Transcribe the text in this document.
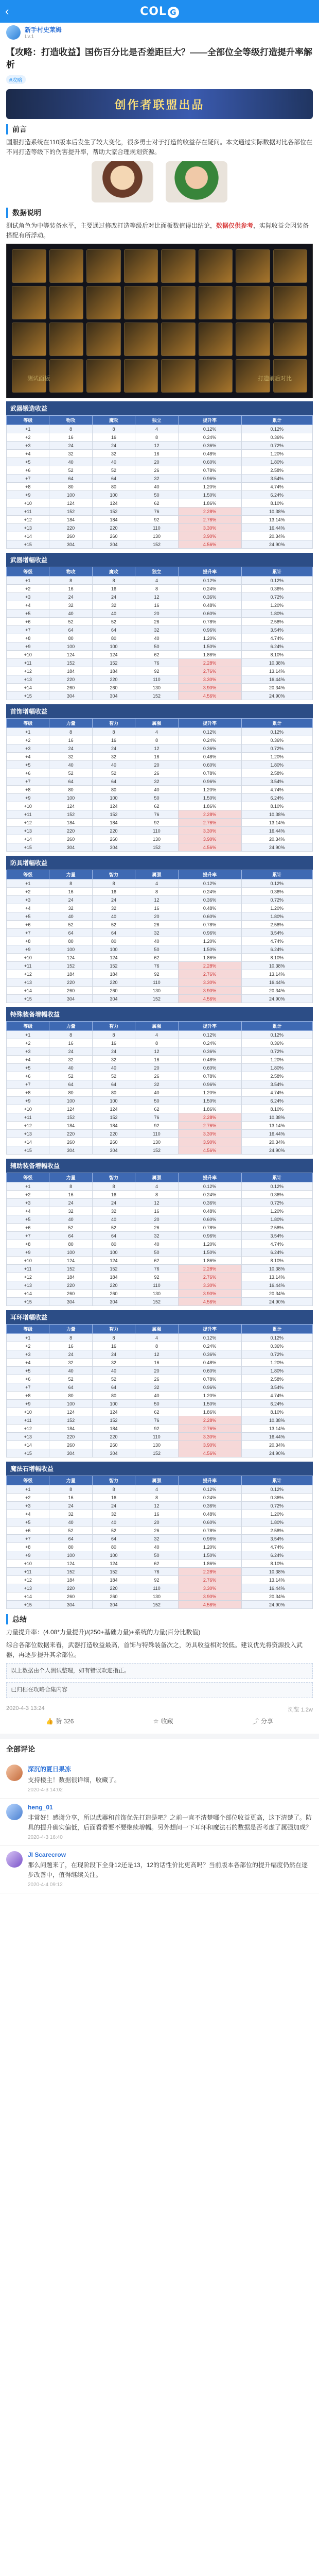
‹	COL G
新手村史莱姆
Lv.1
【攻略：打造收益】国伤百分比是否差距巨大？——全部位全等级打造提升率解析
#攻略
创作者联盟出品
前言
国服打造系统在110版本后发生了较大变化，很多勇士对于打造的收益存在疑问。本文通过实际数据对比各部位在不同打造等级下的伤害提升率，帮助大家合理规划资源。
数据说明
测试角色为中等装备水平，主要通过修改打造等级后对比面板数值得出结论，数据仅供参考，实际收益会因装备搭配有所浮动。
测试面板	打造前后对比
武器锻造收益
等级	物攻	魔攻	独立	提升率	累计
+1	8	8	4	0.12%	0.12%
+2	16	16	8	0.24%	0.36%
+3	24	24	12	0.36%	0.72%
+4	32	32	16	0.48%	1.20%
+5	40	40	20	0.60%	1.80%
+6	52	52	26	0.78%	2.58%
+7	64	64	32	0.96%	3.54%
+8	80	80	40	1.20%	4.74%
+9	100	100	50	1.50%	6.24%
+10	124	124	62	1.86%	8.10%
+11	152	152	76	2.28%	10.38%
+12	184	184	92	2.76%	13.14%
+13	220	220	110	3.30%	16.44%
+14	260	260	130	3.90%	20.34%
+15	304	304	152	4.56%	24.90%
武器增幅收益
等级	物攻	魔攻	独立	提升率	累计
+1	8	8	4	0.12%	0.12%
+2	16	16	8	0.24%	0.36%
+3	24	24	12	0.36%	0.72%
+4	32	32	16	0.48%	1.20%
+5	40	40	20	0.60%	1.80%
+6	52	52	26	0.78%	2.58%
+7	64	64	32	0.96%	3.54%
+8	80	80	40	1.20%	4.74%
+9	100	100	50	1.50%	6.24%
+10	124	124	62	1.86%	8.10%
+11	152	152	76	2.28%	10.38%
+12	184	184	92	2.76%	13.14%
+13	220	220	110	3.30%	16.44%
+14	260	260	130	3.90%	20.34%
+15	304	304	152	4.56%	24.90%
首饰增幅收益
等级	力量	智力	属强	提升率	累计
+1	8	8	4	0.12%	0.12%
+2	16	16	8	0.24%	0.36%
+3	24	24	12	0.36%	0.72%
+4	32	32	16	0.48%	1.20%
+5	40	40	20	0.60%	1.80%
+6	52	52	26	0.78%	2.58%
+7	64	64	32	0.96%	3.54%
+8	80	80	40	1.20%	4.74%
+9	100	100	50	1.50%	6.24%
+10	124	124	62	1.86%	8.10%
+11	152	152	76	2.28%	10.38%
+12	184	184	92	2.76%	13.14%
+13	220	220	110	3.30%	16.44%
+14	260	260	130	3.90%	20.34%
+15	304	304	152	4.56%	24.90%
防具增幅收益
等级	力量	智力	属强	提升率	累计
+1	8	8	4	0.12%	0.12%
+2	16	16	8	0.24%	0.36%
+3	24	24	12	0.36%	0.72%
+4	32	32	16	0.48%	1.20%
+5	40	40	20	0.60%	1.80%
+6	52	52	26	0.78%	2.58%
+7	64	64	32	0.96%	3.54%
+8	80	80	40	1.20%	4.74%
+9	100	100	50	1.50%	6.24%
+10	124	124	62	1.86%	8.10%
+11	152	152	76	2.28%	10.38%
+12	184	184	92	2.76%	13.14%
+13	220	220	110	3.30%	16.44%
+14	260	260	130	3.90%	20.34%
+15	304	304	152	4.56%	24.90%
特殊装备增幅收益
等级	力量	智力	属强	提升率	累计
+1	8	8	4	0.12%	0.12%
+2	16	16	8	0.24%	0.36%
+3	24	24	12	0.36%	0.72%
+4	32	32	16	0.48%	1.20%
+5	40	40	20	0.60%	1.80%
+6	52	52	26	0.78%	2.58%
+7	64	64	32	0.96%	3.54%
+8	80	80	40	1.20%	4.74%
+9	100	100	50	1.50%	6.24%
+10	124	124	62	1.86%	8.10%
+11	152	152	76	2.28%	10.38%
+12	184	184	92	2.76%	13.14%
+13	220	220	110	3.30%	16.44%
+14	260	260	130	3.90%	20.34%
+15	304	304	152	4.56%	24.90%
辅助装备增幅收益
等级	力量	智力	属强	提升率	累计
+1	8	8	4	0.12%	0.12%
+2	16	16	8	0.24%	0.36%
+3	24	24	12	0.36%	0.72%
+4	32	32	16	0.48%	1.20%
+5	40	40	20	0.60%	1.80%
+6	52	52	26	0.78%	2.58%
+7	64	64	32	0.96%	3.54%
+8	80	80	40	1.20%	4.74%
+9	100	100	50	1.50%	6.24%
+10	124	124	62	1.86%	8.10%
+11	152	152	76	2.28%	10.38%
+12	184	184	92	2.76%	13.14%
+13	220	220	110	3.30%	16.44%
+14	260	260	130	3.90%	20.34%
+15	304	304	152	4.56%	24.90%
耳环增幅收益
等级	力量	智力	属强	提升率	累计
+1	8	8	4	0.12%	0.12%
+2	16	16	8	0.24%	0.36%
+3	24	24	12	0.36%	0.72%
+4	32	32	16	0.48%	1.20%
+5	40	40	20	0.60%	1.80%
+6	52	52	26	0.78%	2.58%
+7	64	64	32	0.96%	3.54%
+8	80	80	40	1.20%	4.74%
+9	100	100	50	1.50%	6.24%
+10	124	124	62	1.86%	8.10%
+11	152	152	76	2.28%	10.38%
+12	184	184	92	2.76%	13.14%
+13	220	220	110	3.30%	16.44%
+14	260	260	130	3.90%	20.34%
+15	304	304	152	4.56%	24.90%
魔法石增幅收益
等级	力量	智力	属强	提升率	累计
+1	8	8	4	0.12%	0.12%
+2	16	16	8	0.24%	0.36%
+3	24	24	12	0.36%	0.72%
+4	32	32	16	0.48%	1.20%
+5	40	40	20	0.60%	1.80%
+6	52	52	26	0.78%	2.58%
+7	64	64	32	0.96%	3.54%
+8	80	80	40	1.20%	4.74%
+9	100	100	50	1.50%	6.24%
+10	124	124	62	1.86%	8.10%
+11	152	152	76	2.28%	10.38%
+12	184	184	92	2.76%	13.14%
+13	220	220	110	3.30%	16.44%
+14	260	260	130	3.90%	20.34%
+15	304	304	152	4.56%	24.90%
总结
力量提升率：(4.08*力量提升)/(250+基础力量)+系统的力量(百分比数值)
综合各部位数据来看，武器打造收益最高，首饰与特殊装备次之，防具收益相对较低。建议优先将资源投入武器，再逐步提升其余部位。
以上数据由个人测试整理，如有错误欢迎指正。
已归档在攻略合集内容
2020-4-3 13:24	浏览 1.2w
👍 赞 326	☆ 收藏	⤴ 分享
全部评论
深沉的夏日果冻
支持楼主！数据很详细，收藏了。
2020-4-3 14:02
heng_01
非常好！感谢分享，所以武器和首饰优先打造是吧？之前一直不清楚哪个部位收益更高，这下清楚了。防具的提升确实偏低，后面看看要不要继续增幅。另外想问一下耳环和魔法石的数据是否考虑了属强加成？
2020-4-3 16:40
JI Scarecrow
那么问题来了，在现阶段下全身12还是13，12的话性价比更高吗？当前版本各部位的提升幅度仍然在逐步改善中，值得继续关注。
2020-4-4 09:12
